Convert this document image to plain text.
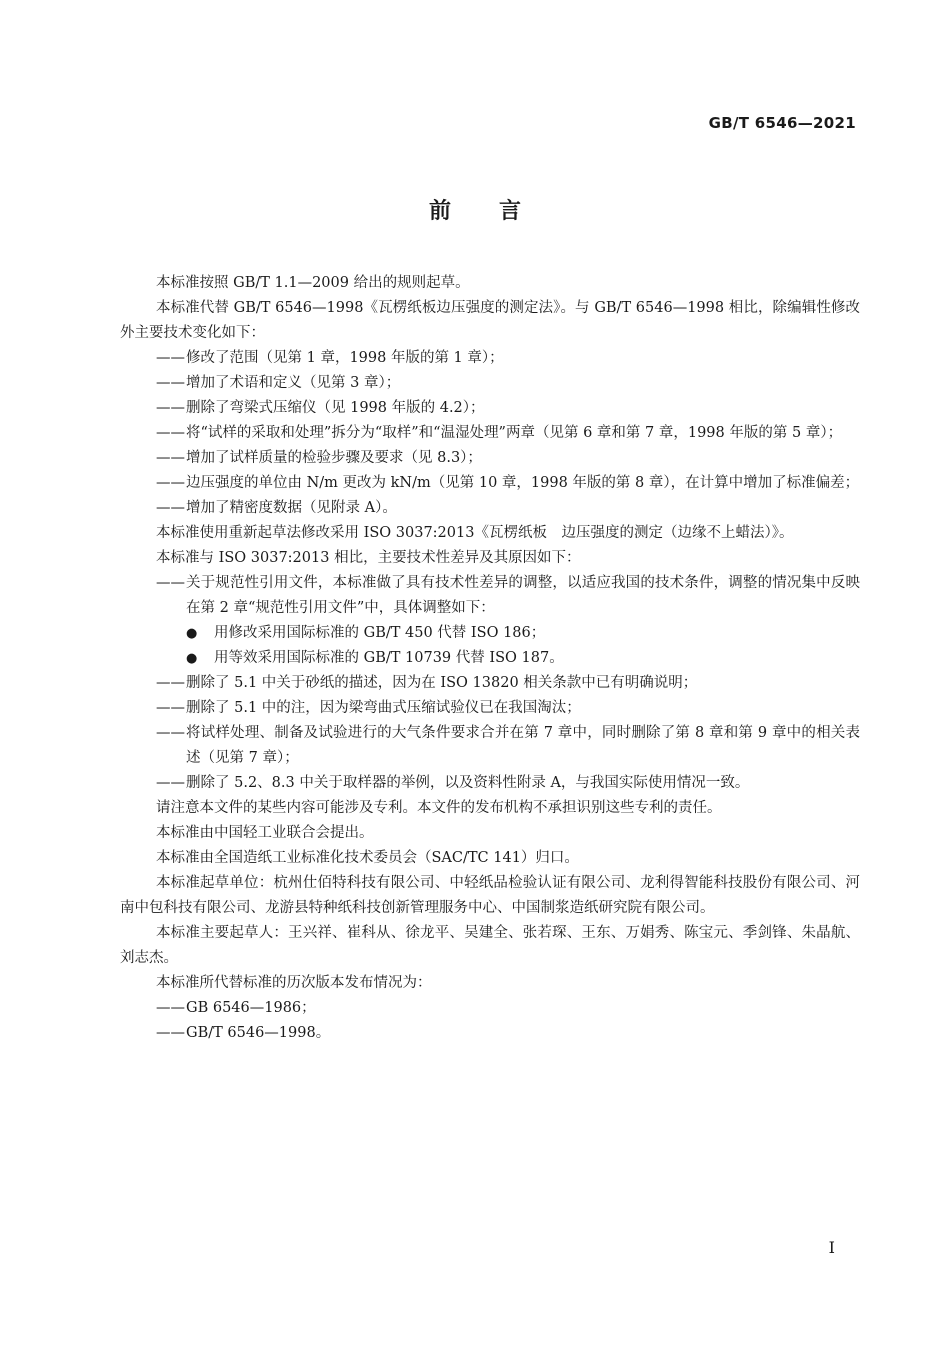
GB/T 6546—2021
前言

本标准按照 GB/T 1.1—2009 给出的规则起草。

本标准代替 GB/T 6546—1998《瓦楞纸板边压强度的测定法》。与 GB/T 6546—1998 相比，除编辑性修改外主要技术变化如下：

—— 修改了范围（见第 1 章，1998 年版的第 1 章）；
—— 增加了术语和定义（见第 3 章）；
—— 删除了弯梁式压缩仪（见 1998 年版的 4.2）；
—— 将“试样的采取和处理”拆分为“取样”和“温湿处理”两章（见第 6 章和第 7 章，1998 年版的第 5 章）；
—— 增加了试样质量的检验步骤及要求（见 8.3）；
—— 边压强度的单位由 N/m 更改为 kN/m（见第 10 章，1998 年版的第 8 章），在计算中增加了标准偏差；
—— 增加了精密度数据（见附录 A）。

本标准使用重新起草法修改采用 ISO 3037:2013《瓦楞纸板　边压强度的测定（边缘不上蜡法）》。

本标准与 ISO 3037:2013 相比，主要技术性差异及其原因如下：

—— 关于规范性引用文件，本标准做了具有技术性差异的调整，以适应我国的技术条件，调整的情况集中反映在第 2 章“规范性引用文件”中，具体调整如下：
● 用修改采用国际标准的 GB/T 450 代替 ISO 186；
● 用等效采用国际标准的 GB/T 10739 代替 ISO 187。
—— 删除了 5.1 中关于砂纸的描述，因为在 ISO 13820 相关条款中已有明确说明；
—— 删除了 5.1 中的注，因为梁弯曲式压缩试验仪已在我国淘汰；
—— 将试样处理、制备及试验进行的大气条件要求合并在第 7 章中，同时删除了第 8 章和第 9 章中的相关表述（见第 7 章）；
—— 删除了 5.2、8.3 中关于取样器的举例，以及资料性附录 A，与我国实际使用情况一致。

请注意本文件的某些内容可能涉及专利。本文件的发布机构不承担识别这些专利的责任。

本标准由中国轻工业联合会提出。

本标准由全国造纸工业标准化技术委员会（SAC/TC 141）归口。

本标准起草单位：杭州仕佰特科技有限公司、中轻纸品检验认证有限公司、龙利得智能科技股份有限公司、河南中包科技有限公司、龙游县特种纸科技创新管理服务中心、中国制浆造纸研究院有限公司。

本标准主要起草人：王兴祥、崔科从、徐龙平、吴建全、张若琛、王东、万娟秀、陈宝元、季剑锋、朱晶航、刘志杰。

本标准所代替标准的历次版本发布情况为：

—— GB 6546—1986；
—— GB/T 6546—1998。
I
